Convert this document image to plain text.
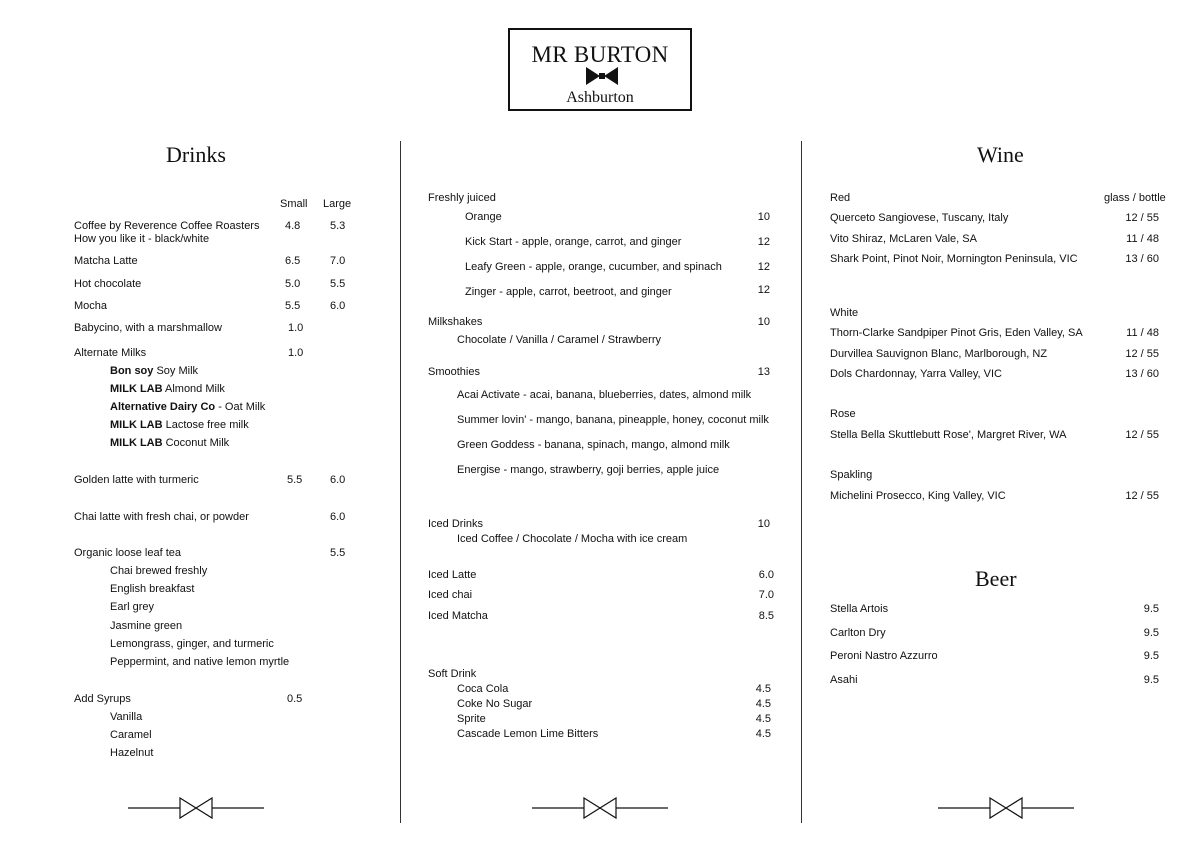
MR BURTON
Ashburton
Drinks
Small Large
Coffee by Reverence Coffee Roasters
How you like it - black/white
4.8	5.3
Matcha Latte	6.5	7.0
Hot chocolate	5.0	5.5
Mocha	5.5	6.0
Babycino, with a marshmallow	1.0
Alternate Milks	1.0
Bon soy Soy Milk
MILK LAB Almond Milk
Alternative Dairy Co - Oat Milk
MILK LAB Lactose free milk
MILK LAB Coconut Milk
Golden latte with turmeric	5.5	6.0
Chai latte with fresh chai, or powder	6.0
Organic loose leaf tea	5.5
Chai brewed freshly
English breakfast
Earl grey
Jasmine green
Lemongrass, ginger, and turmeric
Peppermint, and native lemon myrtle
Add Syrups	0.5
Vanilla
Caramel
Hazelnut
Freshly juiced
Orange	10
Kick Start - apple, orange, carrot, and ginger	12
Leafy Green - apple, orange, cucumber, and spinach	12
Zinger - apple, carrot, beetroot, and ginger	12
Milkshakes	10
Chocolate / Vanilla / Caramel / Strawberry
Smoothies	13
Acai Activate - acai, banana, blueberries, dates, almond milk
Summer lovin' - mango, banana, pineapple, honey, coconut milk
Green Goddess - banana, spinach, mango, almond milk
Energise - mango, strawberry, goji berries, apple juice
Iced Drinks	10
Iced Coffee / Chocolate / Mocha with ice cream
Iced Latte	6.0
Iced chai	7.0
Iced Matcha	8.5
Soft Drink
Coca Cola	4.5
Coke No Sugar	4.5
Sprite	4.5
Cascade Lemon Lime Bitters	4.5
Wine
Red	glass / bottle
Querceto Sangiovese, Tuscany, Italy	12 / 55
Vito Shiraz, McLaren Vale, SA	11 / 48
Shark Point, Pinot Noir, Mornington Peninsula, VIC	13 / 60
White
Thorn-Clarke Sandpiper Pinot Gris, Eden Valley, SA	11 / 48
Durvillea Sauvignon Blanc, Marlborough, NZ	12 / 55
Dols Chardonnay, Yarra Valley, VIC	13 / 60
Rose
Stella Bella Skuttlebutt Rose', Margret River, WA	12 / 55
Spakling
Michelini Prosecco, King Valley, VIC	12 / 55
Beer
Stella Artois	9.5
Carlton Dry	9.5
Peroni Nastro Azzurro	9.5
Asahi	9.5
